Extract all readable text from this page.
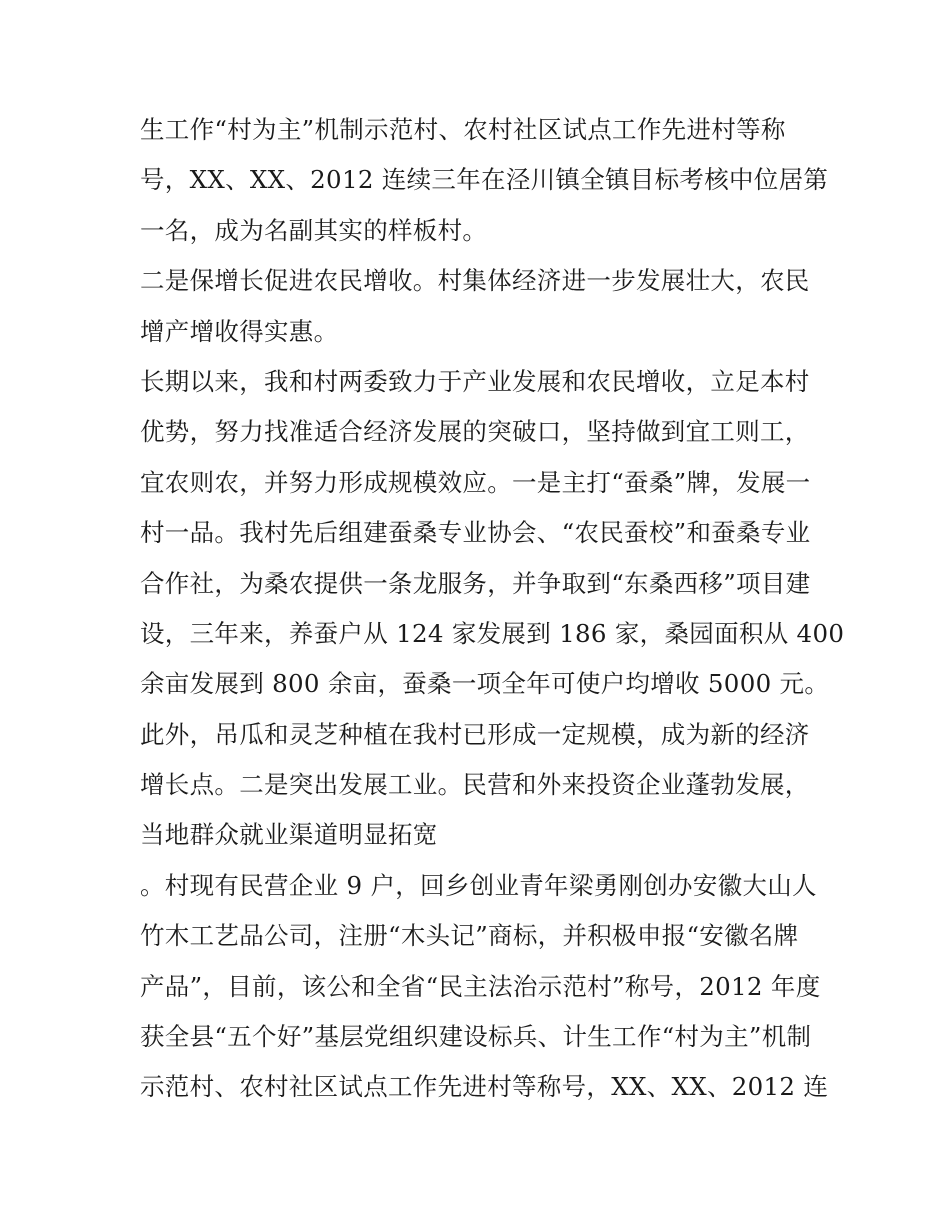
生工作“村为主”机制示范村、农村社区试点工作先进村等称
号，XX、XX、2012 连续三年在泾川镇全镇目标考核中位居第
一名，成为名副其实的样板村。
二是保增长促进农民增收。村集体经济进一步发展壮大，农民
增产增收得实惠。
长期以来，我和村两委致力于产业发展和农民增收，立足本村
优势，努力找准适合经济发展的突破口，坚持做到宜工则工，
宜农则农，并努力形成规模效应。一是主打“蚕桑”牌，发展一
村一品。我村先后组建蚕桑专业协会、“农民蚕校”和蚕桑专业
合作社，为桑农提供一条龙服务，并争取到“东桑西移”项目建
设，三年来，养蚕户从 124 家发展到 186 家，桑园面积从 400
余亩发展到 800 余亩，蚕桑一项全年可使户均增收 5000 元。
此外，吊瓜和灵芝种植在我村已形成一定规模，成为新的经济
增长点。二是突出发展工业。民营和外来投资企业蓬勃发展，
当地群众就业渠道明显拓宽
。村现有民营企业 9 户，回乡创业青年梁勇刚创办安徽大山人
竹木工艺品公司，注册“木头记”商标，并积极申报“安徽名牌
产品”，目前，该公和全省“民主法治示范村”称号，2012 年度
获全县“五个好”基层党组织建设标兵、计生工作“村为主”机制
示范村、农村社区试点工作先进村等称号，XX、XX、2012 连
